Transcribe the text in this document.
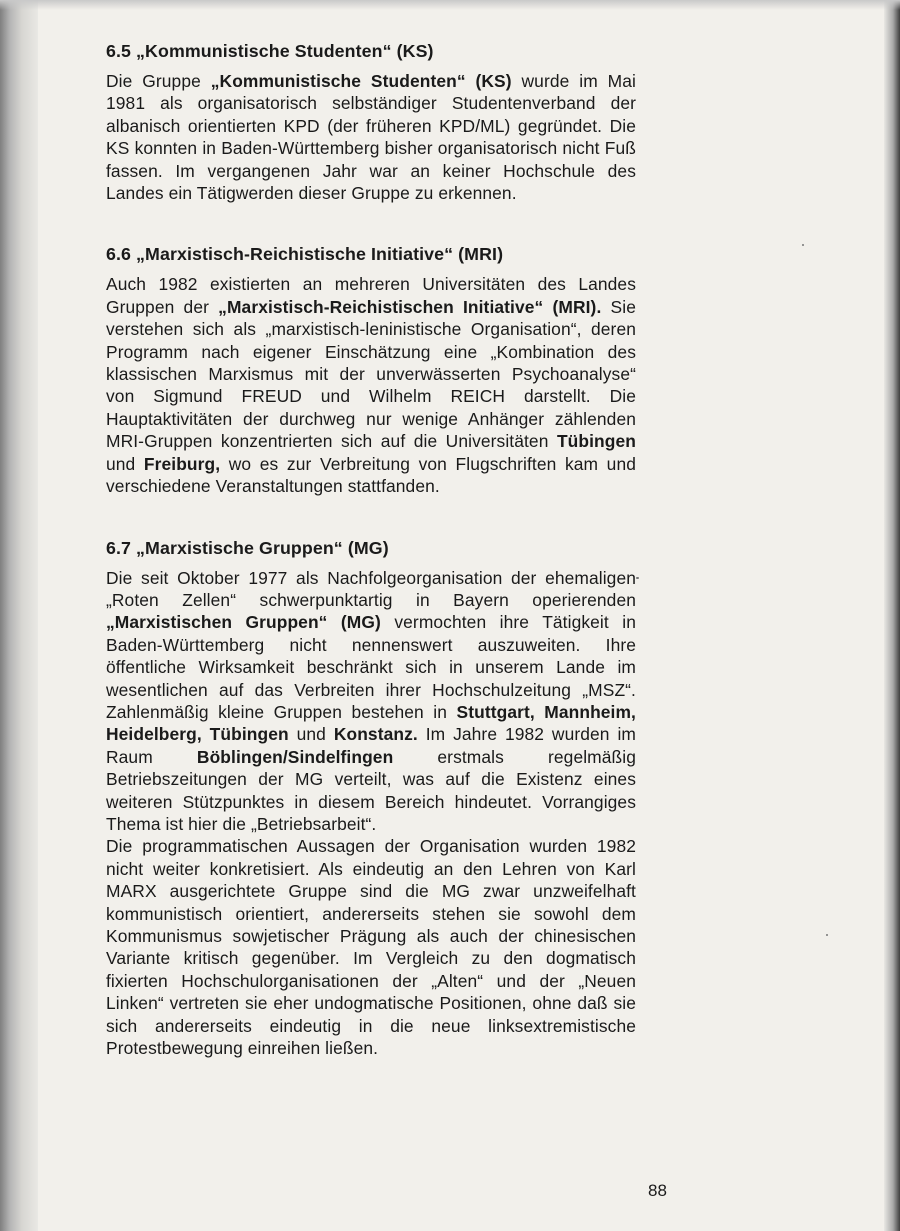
6.5 „Kommunistische Studenten“ (KS)

Die Gruppe „Kommunistische Studenten“ (KS) wurde im Mai 1981 als organisatorisch selbständiger Studentenverband der albanisch orientierten KPD (der früheren KPD/ML) gegründet. Die KS konnten in Baden-Württemberg bisher organisatorisch nicht Fuß fassen. Im vergangenen Jahr war an keiner Hochschule des Landes ein Tätigwerden dieser Gruppe zu erkennen.

6.6 „Marxistisch-Reichistische Initiative“ (MRI)

Auch 1982 existierten an mehreren Universitäten des Landes Gruppen der „Marxistisch-Reichistischen Initiative“ (MRI). Sie verstehen sich als „marxistisch-leninistische Organisation“, deren Programm nach eigener Einschätzung eine „Kombination des klassischen Marxismus mit der unverwässerten Psychoanalyse“ von Sigmund FREUD und Wilhelm REICH darstellt. Die Hauptaktivitäten der durchweg nur wenige Anhänger zählenden MRI-Gruppen konzentrierten sich auf die Universitäten Tübingen und Freiburg, wo es zur Verbreitung von Flugschriften kam und verschiedene Veranstaltungen stattfanden.

6.7 „Marxistische Gruppen“ (MG)

Die seit Oktober 1977 als Nachfolgeorganisation der ehemaligen „Roten Zellen“ schwerpunktartig in Bayern operierenden „Marxistischen Gruppen“ (MG) vermochten ihre Tätigkeit in Baden-Württemberg nicht nennenswert auszuweiten. Ihre öffentliche Wirksamkeit beschränkt sich in unserem Lande im wesentlichen auf das Verbreiten ihrer Hochschulzeitung „MSZ“. Zahlenmäßig kleine Gruppen bestehen in Stuttgart, Mannheim, Heidelberg, Tübingen und Konstanz. Im Jahre 1982 wurden im Raum Böblingen/Sindelfingen erstmals regelmäßig Betriebszeitungen der MG verteilt, was auf die Existenz eines weiteren Stützpunktes in diesem Bereich hindeutet. Vorrangiges Thema ist hier die „Betriebsarbeit“.

Die programmatischen Aussagen der Organisation wurden 1982 nicht weiter konkretisiert. Als eindeutig an den Lehren von Karl MARX ausgerichtete Gruppe sind die MG zwar unzweifelhaft kommunistisch orientiert, andererseits stehen sie sowohl dem Kommunismus sowjetischer Prägung als auch der chinesischen Variante kritisch gegenüber. Im Vergleich zu den dogmatisch fixierten Hochschulorganisationen der „Alten“ und der „Neuen Linken“ vertreten sie eher undogmatische Positionen, ohne daß sie sich andererseits eindeutig in die neue linksextremistische Protestbewegung einreihen ließen.

88
